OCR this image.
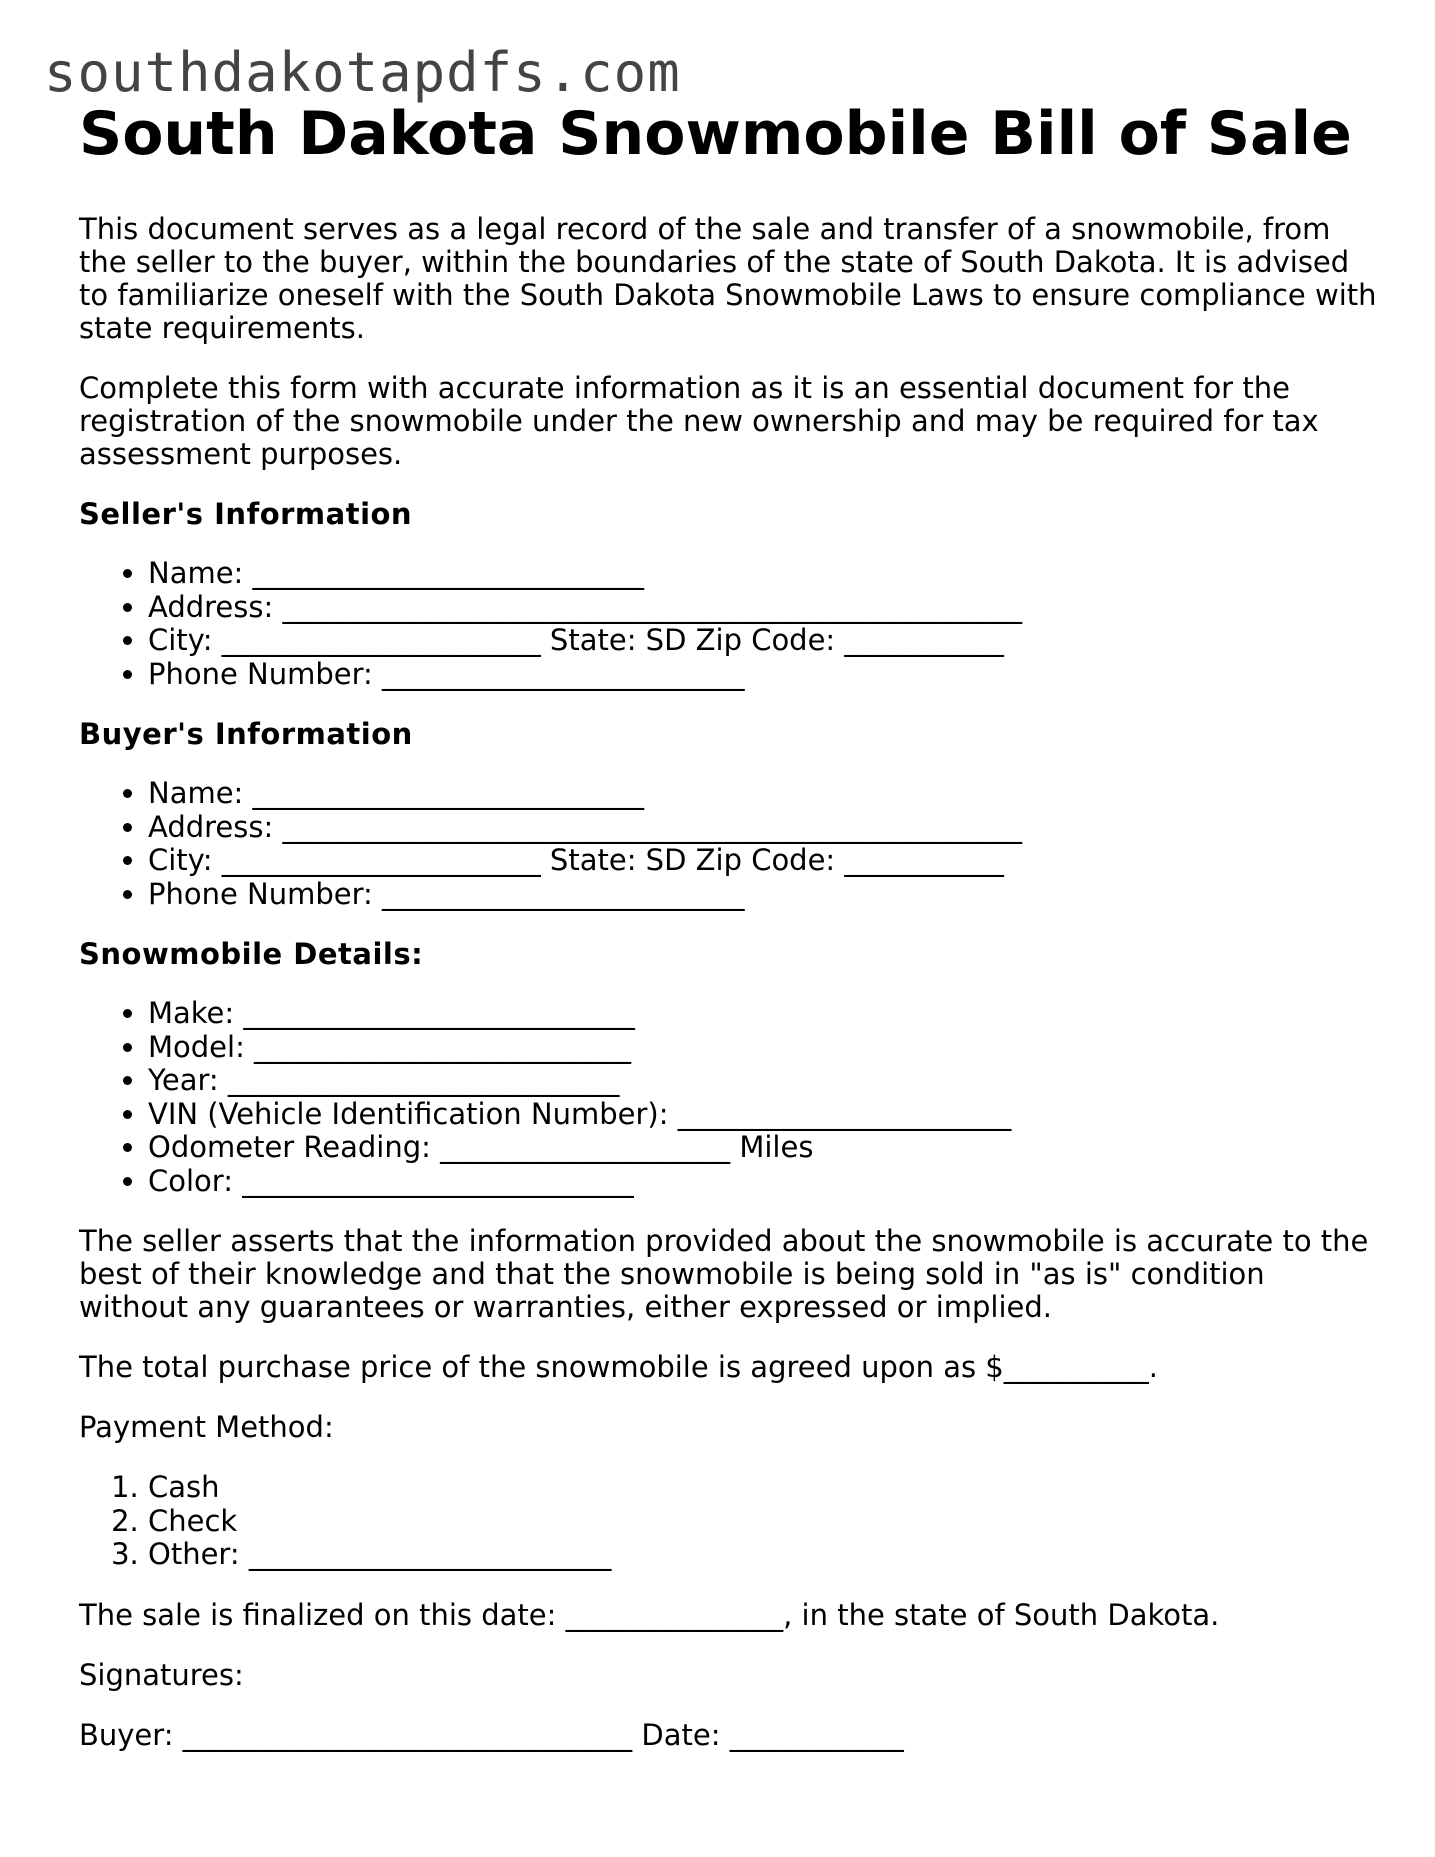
southdakotapdfs.com
South Dakota Snowmobile Bill of Sale

This document serves as a legal record of the sale and transfer of a snowmobile, from the seller to the buyer, within the boundaries of the state of South Dakota. It is advised to familiarize oneself with the South Dakota Snowmobile Laws to ensure compliance with state requirements.

Complete this form with accurate information as it is an essential document for the registration of the snowmobile under the new ownership and may be required for tax assessment purposes.

Seller's Information
• Name: ___________________________
• Address: ___________________________________________________
• City: ______________________ State: SD Zip Code: ___________
• Phone Number: _________________________
Buyer's Information
• Name: ___________________________
• Address: ___________________________________________________
• City: ______________________ State: SD Zip Code: ___________
• Phone Number: _________________________
Snowmobile Details:
• Make: ___________________________
• Model: __________________________
• Year: ___________________________
• VIN (Vehicle Identification Number): _______________________
• Odometer Reading: ____________________ Miles
• Color: ___________________________

The seller asserts that the information provided about the snowmobile is accurate to the best of their knowledge and that the snowmobile is being sold in "as is" condition without any guarantees or warranties, either expressed or implied.

The total purchase price of the snowmobile is agreed upon as $__________.

Payment Method:

1. Cash
2. Check
3. Other: _________________________

The sale is finalized on this date: _______________, in the state of South Dakota.

Signatures:

Buyer: _______________________________ Date: ____________
